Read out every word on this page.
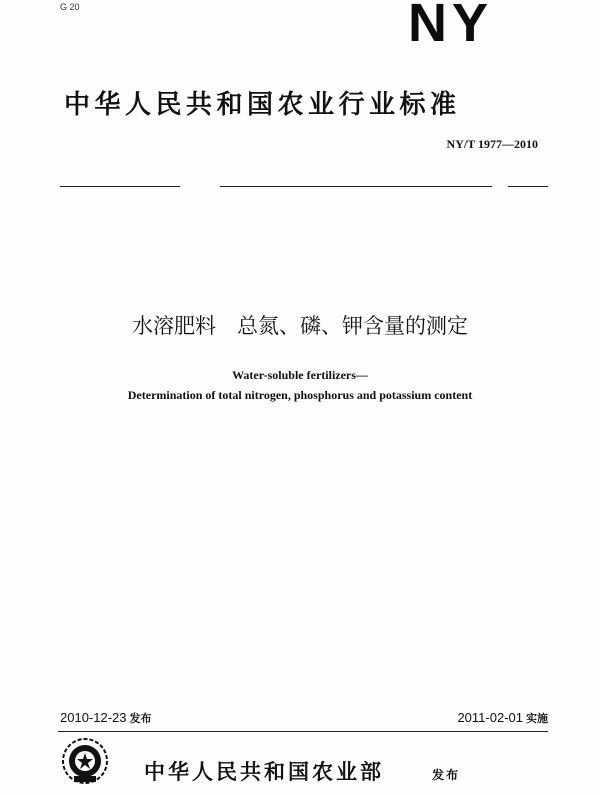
G 20	NY
中华人民共和国农业行业标准
NY/T 1977—2010
水溶肥料　总氮、磷、钾含量的测定
Water-soluble fertilizers—
Determination of total nitrogen, phosphorus and potassium content
2010-12-23 发布	2011-02-01 实施
中华人民共和国农业部	发布
